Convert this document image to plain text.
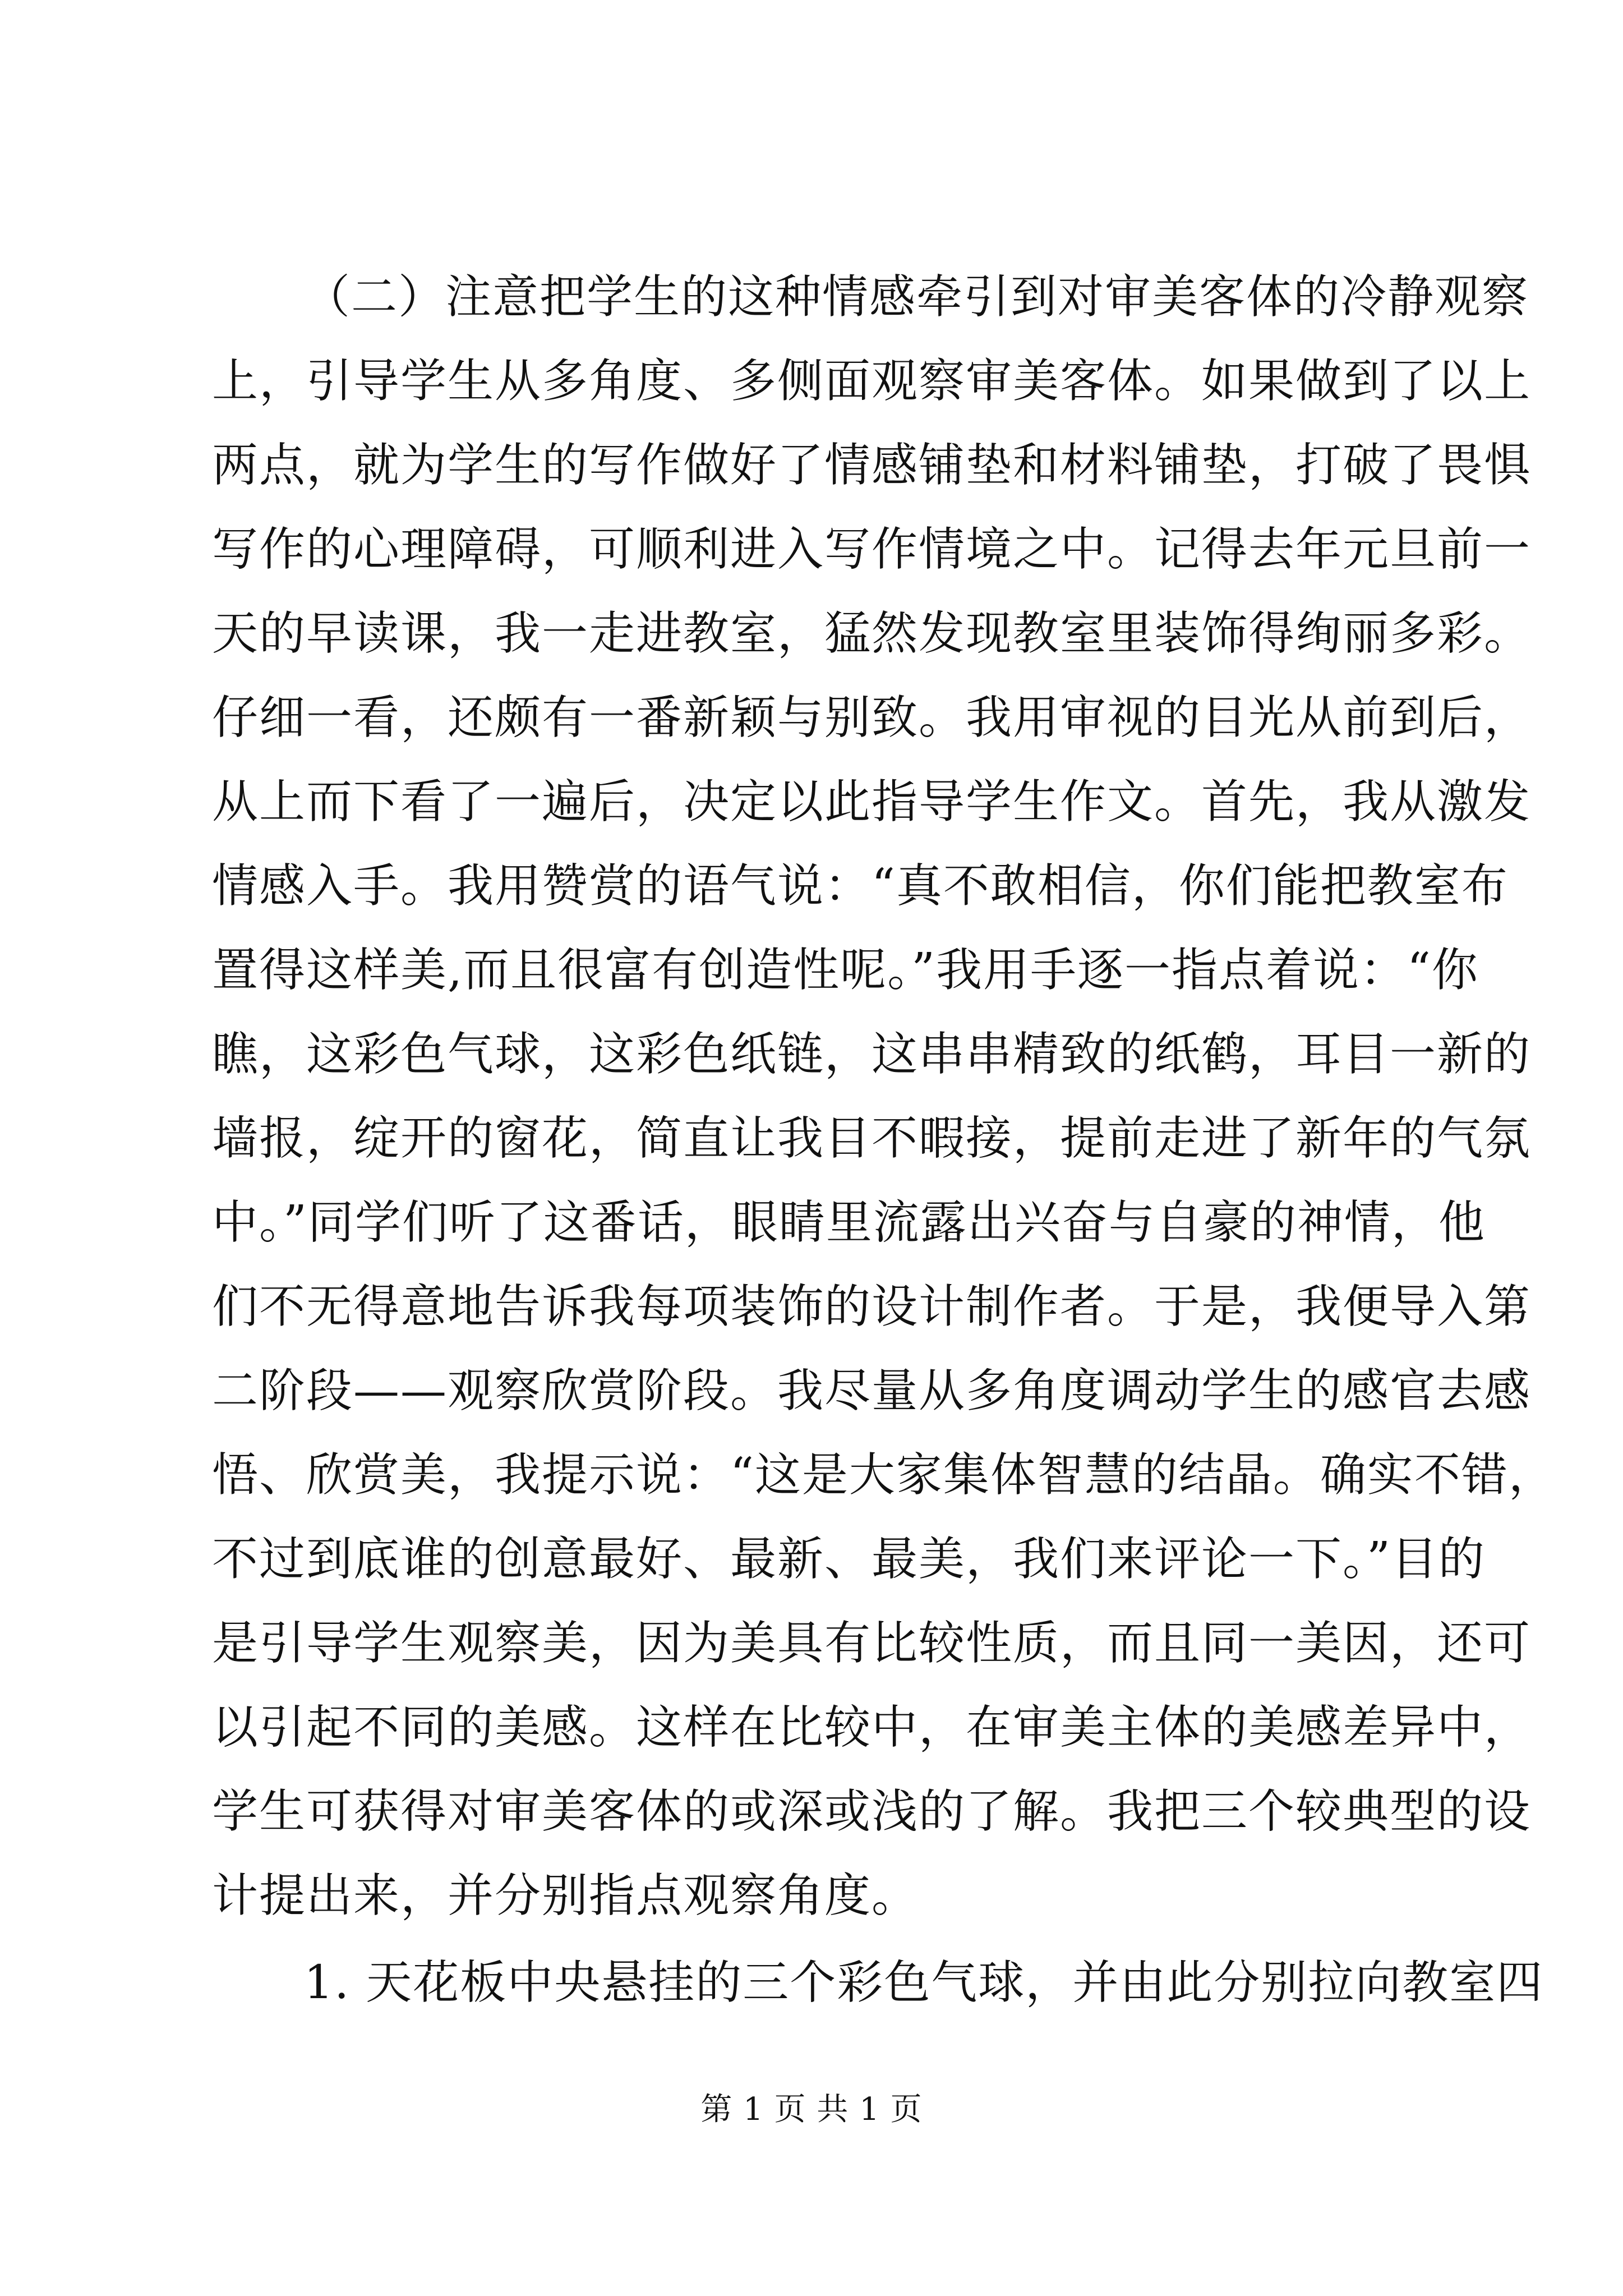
（二）注意把学生的这种情感牵引到对审美客体的冷静观察
上，引导学生从多角度、多侧面观察审美客体。如果做到了以上
两点，就为学生的写作做好了情感铺垫和材料铺垫，打破了畏惧
写作的心理障碍，可顺利进入写作情境之中。记得去年元旦前一
天的早读课，我一走进教室，猛然发现教室里装饰得绚丽多彩。
仔细一看，还颇有一番新颖与别致。我用审视的目光从前到后，
从上而下看了一遍后，决定以此指导学生作文。首先，我从激发
情感入手。我用赞赏的语气说：“真不敢相信，你们能把教室布
置得这样美,而且很富有创造性呢。”我用手逐一指点着说：“你
瞧，这彩色气球，这彩色纸链，这串串精致的纸鹤，耳目一新的
墙报，绽开的窗花，简直让我目不暇接，提前走进了新年的气氛
中。”同学们听了这番话，眼睛里流露出兴奋与自豪的神情，他
们不无得意地告诉我每项装饰的设计制作者。于是，我便导入第
二阶段——观察欣赏阶段。我尽量从多角度调动学生的感官去感
悟、欣赏美，我提示说：“这是大家集体智慧的结晶。确实不错，
不过到底谁的创意最好、最新、最美，我们来评论一下。”目的
是引导学生观察美，因为美具有比较性质，而且同一美因，还可
以引起不同的美感。这样在比较中，在审美主体的美感差异中，
学生可获得对审美客体的或深或浅的了解。我把三个较典型的设
计提出来，并分别指点观察角度。
1. 天花板中央悬挂的三个彩色气球，并由此分别拉向教室四
第 1 页 共 1 页
